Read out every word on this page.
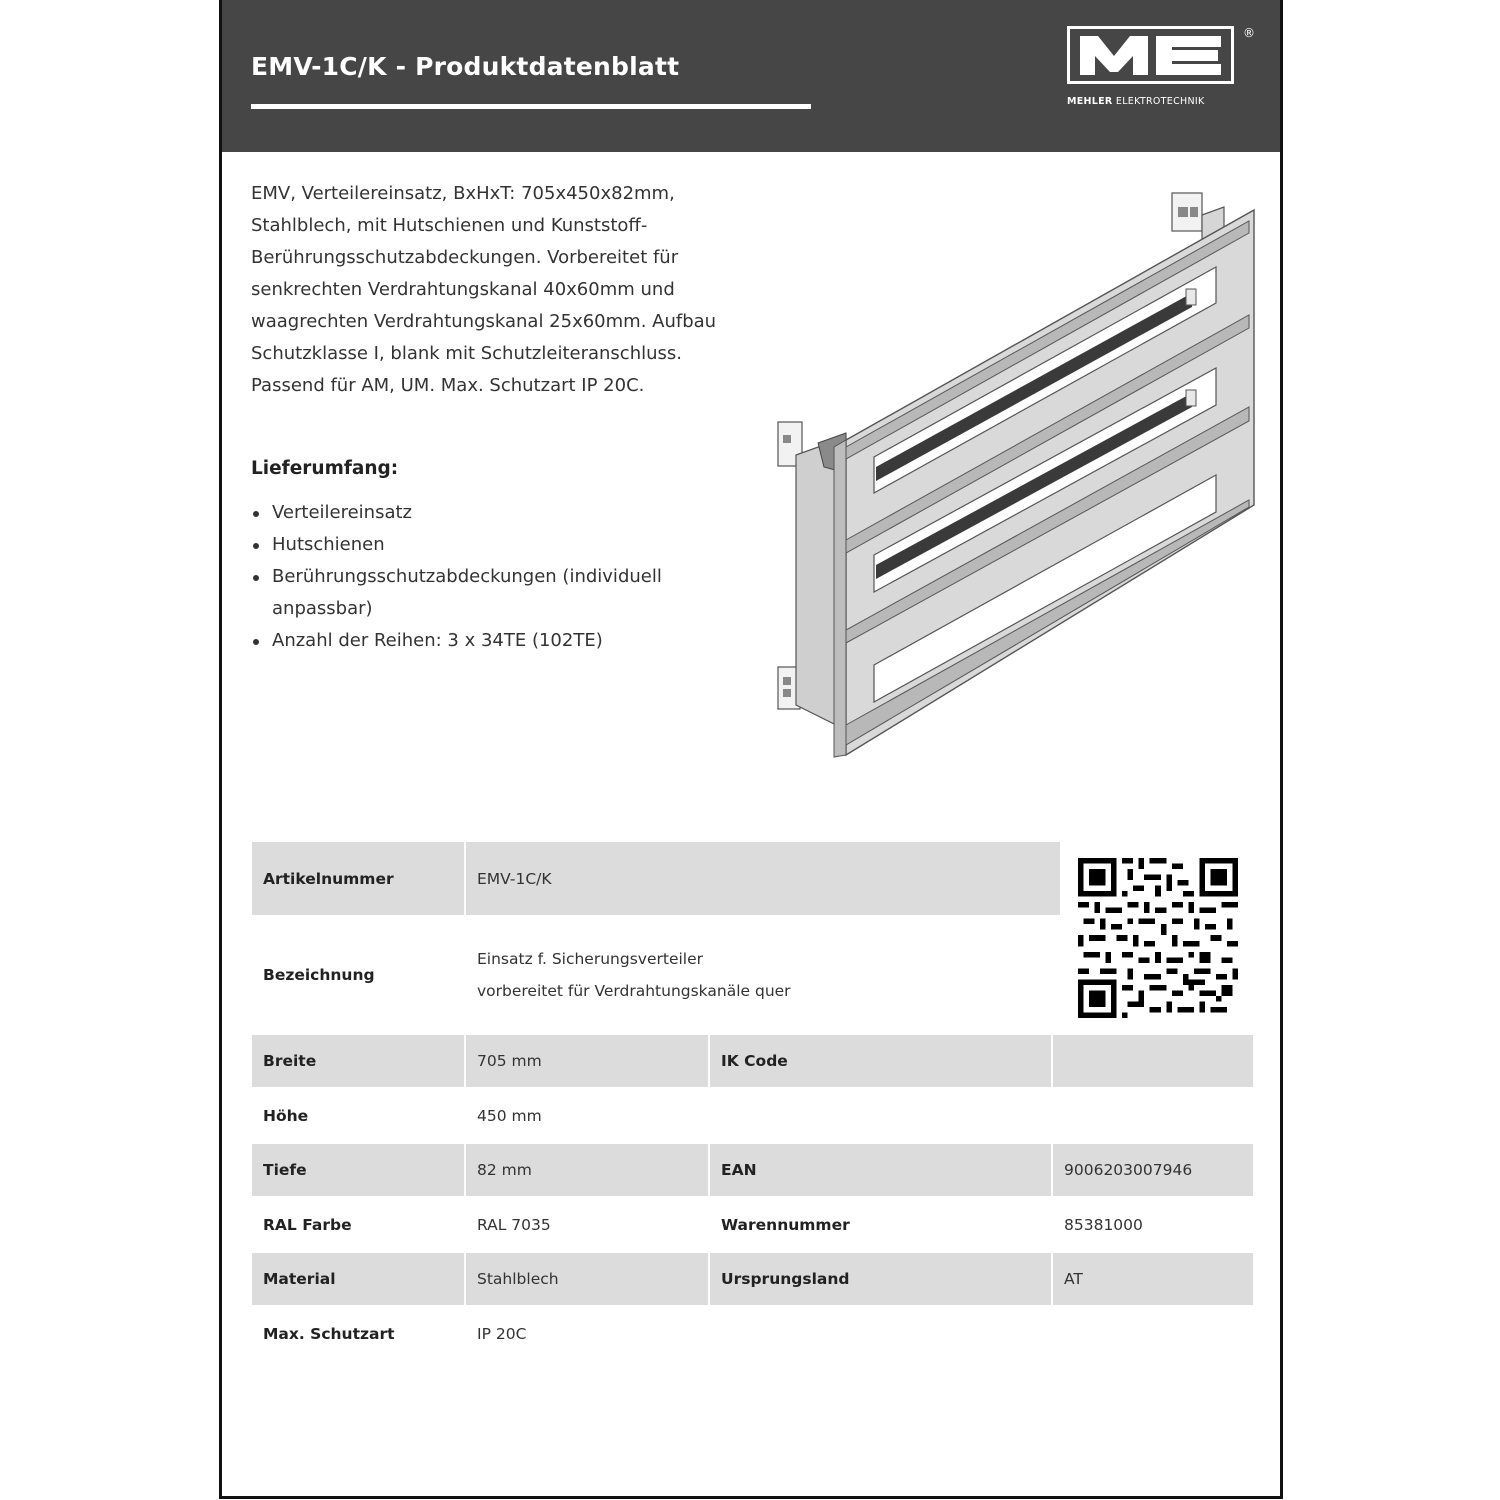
EMV-1C/K - Produktdatenblatt
®
MEHLER ELEKTROTECHNIK

EMV, Verteilereinsatz, BxHxT: 705x450x82mm, Stahlblech, mit Hutschienen und Kunststoff-Berührungsschutzabdeckungen. Vorbereitet für senkrechten Verdrahtungskanal 40x60mm und waagrechten Verdrahtungskanal 25x60mm. Aufbau Schutzklasse I, blank mit Schutzleiteranschluss. Passend für AM, UM. Max. Schutzart IP 20C.

Lieferumfang:
Verteilereinsatz
Hutschienen
Berührungsschutzabdeckungen (individuell anpassbar)
Anzahl der Reihen: 3 x 34TE (102TE)
Artikelnummer	EMV-1C/K
Bezeichnung
Einsatz f. Sicherungsverteiler
vorbereitet für Verdrahtungskanäle quer
Breite	705 mm	IK Code
Höhe	450 mm
Tiefe	82 mm	EAN	9006203007946
RAL Farbe	RAL 7035	Warennummer	85381000
Material	Stahlblech	Ursprungsland	AT
Max. Schutzart	IP 20C
